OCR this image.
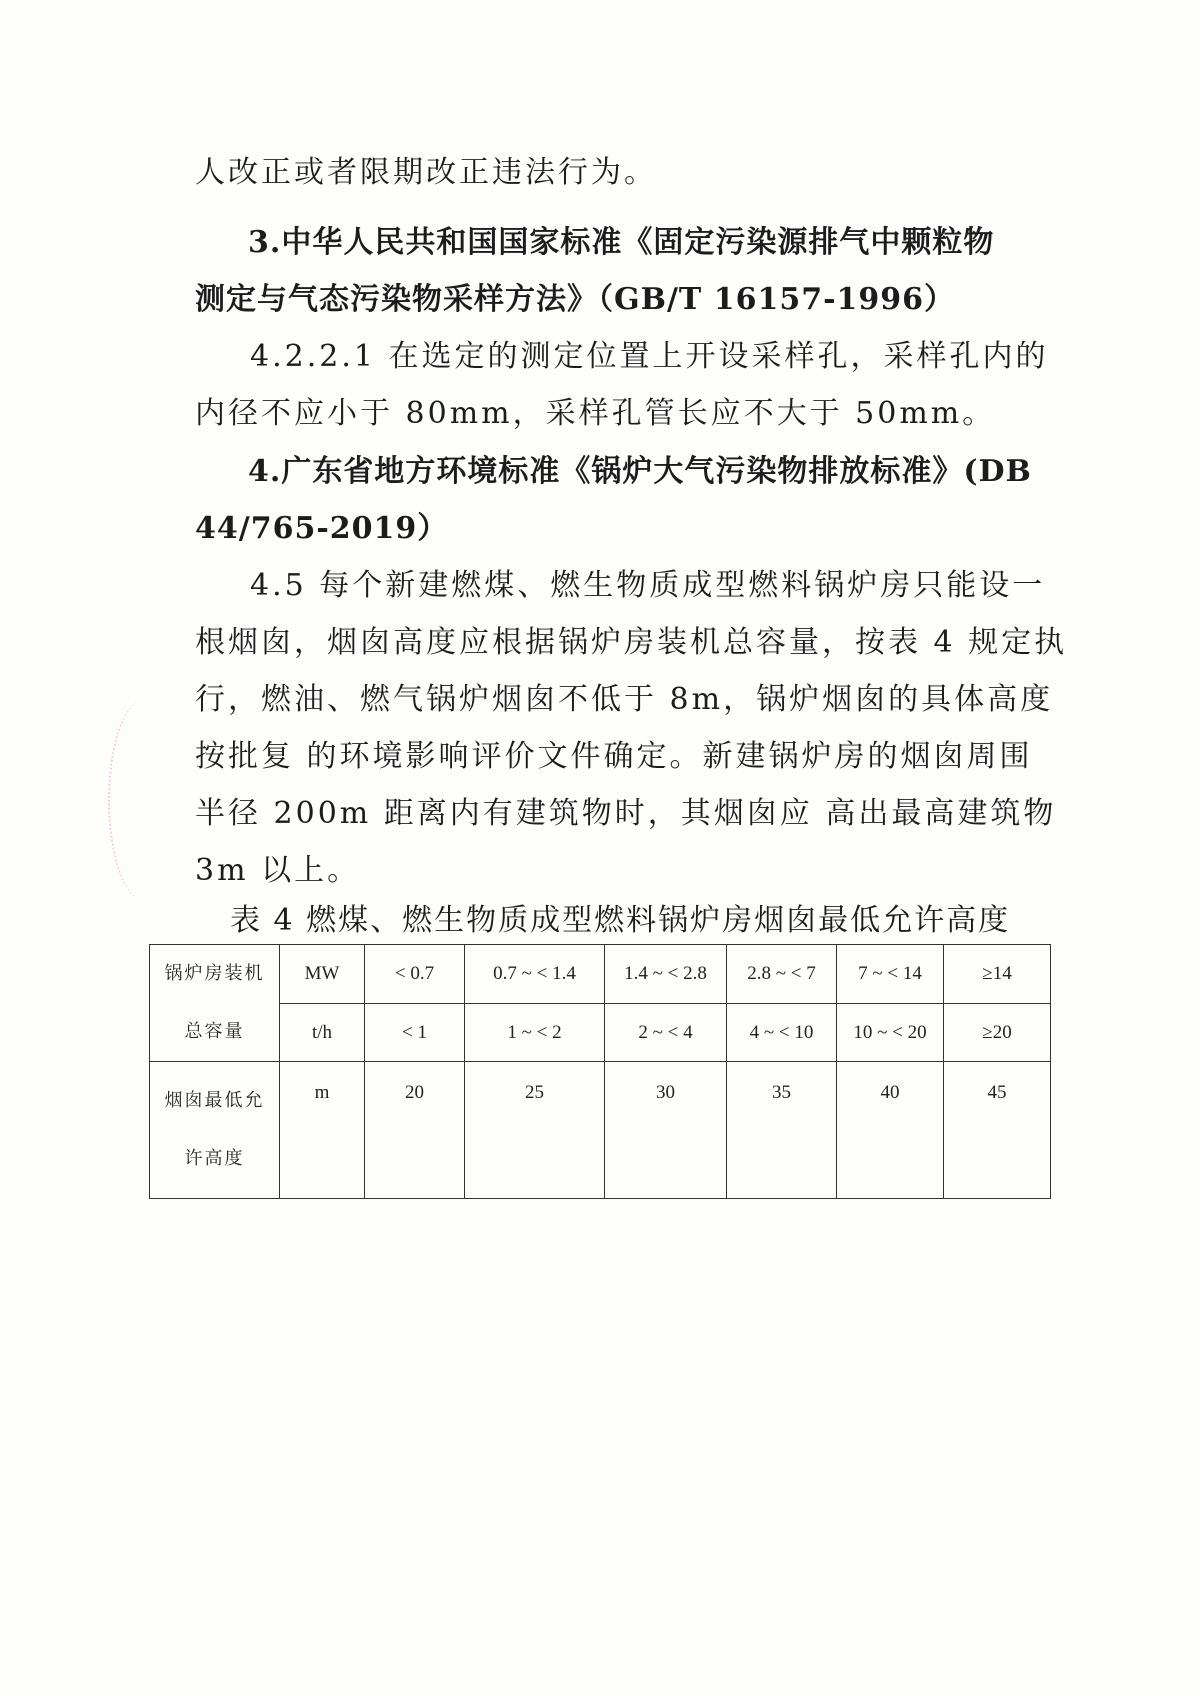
人改正或者限期改正违法行为。
3.中华人民共和国国家标准《固定污染源排气中颗粒物
测定与气态污染物采样方法》（GB/T 16157-1996）
4.2.2.1 在选定的测定位置上开设采样孔，采样孔内的
内径不应小于 80mm，采样孔管长应不大于 50mm。
4.广东省地方环境标准《锅炉大气污染物排放标准》(DB
44/765-2019）
4.5 每个新建燃煤、燃生物质成型燃料锅炉房只能设一
根烟囱，烟囱高度应根据锅炉房装机总容量，按表 4 规定执
行，燃油、燃气锅炉烟囱不低于 8m，锅炉烟囱的具体高度
按批复 的环境影响评价文件确定。新建锅炉房的烟囱周围
半径 200m 距离内有建筑物时，其烟囱应 高出最高建筑物
3m 以上。
表 4 燃煤、燃生物质成型燃料锅炉房烟囱最低允许高度
锅炉房装机
总容量	MW	< 0.7	0.7 ~ < 1.4	1.4 ~ < 2.8	2.8 ~ < 7	7 ~ < 14	≥14
	t/h	< 1	1 ~ < 2	2 ~ < 4	4 ~ < 10	10 ~ < 20	≥20

烟囱最低允
许高度	m	20	25	30	35	40	45
